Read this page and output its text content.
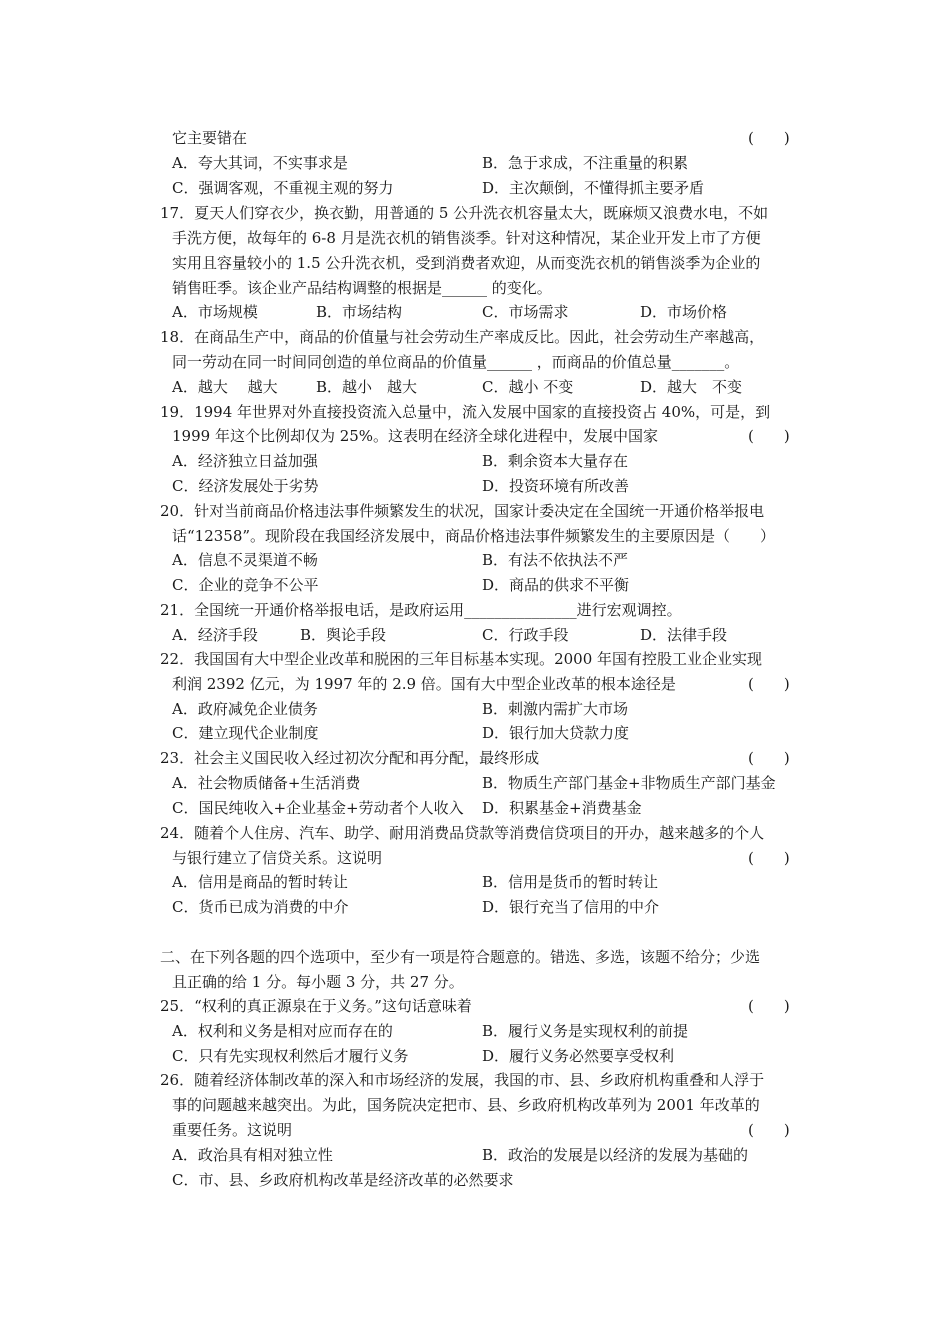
它主要错在	(　　)
A．夸大其词，不实事求是	B．急于求成，不注重量的积累
C．强调客观，不重视主观的努力	D．主次颠倒，不懂得抓主要矛盾
17．夏天人们穿衣少，换衣勤，用普通的 5 公升洗衣机容量太大，既麻烦又浪费水电，不如
手洗方便，故每年的 6-8 月是洗衣机的销售淡季。针对这种情况，某企业开发上市了方便
实用且容量较小的 1.5 公升洗衣机，受到消费者欢迎，从而变洗衣机的销售淡季为企业的
销售旺季。该企业产品结构调整的根据是______ 的变化。
A．市场规模	B．市场结构	C．市场需求	D．市场价格
18．在商品生产中，商品的价值量与社会劳动生产率成反比。因此，社会劳动生产率越高，
同一劳动在同一时间同创造的单位商品的价值量______ ，而商品的价值总量_______。
A．越大　 越大	B．越小　越大	C．越小 不变	D．越大　不变
19．1994 年世界对外直接投资流入总量中，流入发展中国家的直接投资占 40%，可是，到
1999 年这个比例却仅为 25%。这表明在经济全球化进程中，发展中国家	(　　)
A．经济独立日益加强	B．剩余资本大量存在
C．经济发展处于劣势	D．投资环境有所改善
20．针对当前商品价格违法事件频繁发生的状况，国家计委决定在全国统一开通价格举报电
话“12358”。现阶段在我国经济发展中，商品价格违法事件频繁发生的主要原因是（　　）
A．信息不灵渠道不畅	B．有法不依执法不严
C．企业的竞争不公平	D．商品的供求不平衡
21．全国统一开通价格举报电话，是政府运用_______________进行宏观调控。
A．经济手段	B．舆论手段	C．行政手段	D．法律手段
22．我国国有大中型企业改革和脱困的三年目标基本实现。2000 年国有控股工业企业实现
利润 2392 亿元，为 1997 年的 2.9 倍。国有大中型企业改革的根本途径是	(　　)
A．政府减免企业债务	B．刺激内需扩大市场
C．建立现代企业制度	D．银行加大贷款力度
23．社会主义国民收入经过初次分配和再分配，最终形成	(　　)
A．社会物质储备+生活消费	B．物质生产部门基金+非物质生产部门基金
C．国民纯收入+企业基金+劳动者个人收入 D．积累基金+消费基金
24．随着个人住房、汽车、助学、耐用消费品贷款等消费信贷项目的开办，越来越多的个人
与银行建立了信贷关系。这说明	(　　)
A．信用是商品的暂时转让	B．信用是货币的暂时转让
C．货币已成为消费的中介	D．银行充当了信用的中介
二、在下列各题的四个选项中，至少有一项是符合题意的。错选、多选，该题不给分；少选
且正确的给 1 分。每小题 3 分，共 27 分。
25．“权利的真正源泉在于义务。”这句话意味着	(　　)
A．权利和义务是相对应而存在的	B．履行义务是实现权利的前提
C．只有先实现权利然后才履行义务	D．履行义务必然要享受权利
26．随着经济体制改革的深入和市场经济的发展，我国的市、县、乡政府机构重叠和人浮于
事的问题越来越突出。为此，国务院决定把市、县、乡政府机构改革列为 2001 年改革的
重要任务。这说明	(　　)
A．政治具有相对独立性	B．政治的发展是以经济的发展为基础的
C．市、县、乡政府机构改革是经济改革的必然要求
